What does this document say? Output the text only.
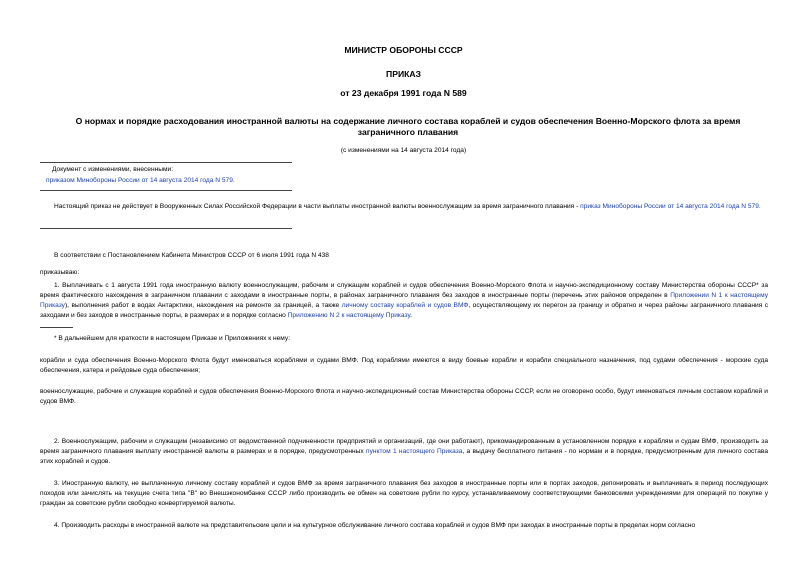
МИНИСТР ОБОРОНЫ СССР
ПРИКАЗ
от 23 декабря 1991 года N 589
О нормах и порядке расходования иностранной валюты на содержание личного состава кораблей и судов обеспечения Военно-Морского флота за время заграничного плавания
(с изменениями на 14 августа 2014 года)
Документ с изменениями, внесенными:
приказом Минобороны России от 14 августа 2014 года N 579.
Настоящий приказ не действует в Вооруженных Силах Российской Федерации в части выплаты иностранной валюты военнослужащим за время заграничного плавания - приказ Минобороны России от 14 августа 2014 года N 579.
В соответствии с Постановлением Кабинета Министров СССР от 6 июля 1991 года N 438
приказываю:
1. Выплачивать с 1 августа 1991 года иностранную валюту военнослужащим, рабочим и служащим кораблей и судов обеспечения Военно-Морского Флота и научно-экспедиционному составу Министерства обороны СССР* за время фактического нахождения в заграничном плавании с заходами в иностранные порты, в районах заграничного плавания без заходов в иностранные порты (перечень этих районов определен в Приложении N 1 к настоящему Приказу), выполнения работ в водах Антарктики, нахождения на ремонте за границей, а также личному составу кораблей и судов ВМФ, осуществляющему их перегон за границу и обратно и через районы заграничного плавания с заходами и без заходов в иностранные порты, в размерах и в порядке согласно Приложению N 2 к настоящему Приказу.
* В дальнейшем для краткости в настоящем Приказе и Приложениях к нему:
корабли и суда обеспечения Военно-Морского Флота будут именоваться кораблями и судами ВМФ. Под кораблями имеются в виду боевые корабли и корабли специального назначения, под судами обеспечения - морские суда обеспечения, катера и рейдовые суда обеспечения;
военнослужащие, рабочие и служащие кораблей и судов обеспечения Военно-Морского Флота и научно-экспедиционный состав Министерства обороны СССР, если не оговорено особо, будут именоваться личным составом кораблей и судов ВМФ.
2. Военнослужащим, рабочим и служащим (независимо от ведомственной подчиненности предприятий и организаций, где они работают), прикомандированным в установленном порядке к кораблям и судам ВМФ, производить за время заграничного плавания выплату иностранной валюты в размерах и в порядке, предусмотренных пунктом 1 настоящего Приказа, а выдачу бесплатного питания - по нормам и в порядке, предусмотренным для личного состава этих кораблей и судов.
3. Иностранную валюту, не выплаченную личному составу кораблей и судов ВМФ за время заграничного плавания без заходов в иностранные порты или в портах заходов, депонировать и выплачивать в период последующих походов или зачислять на текущие счета типа "В" во Внешэкономбанке СССР либо производить ее обмен на советские рубли по курсу, устанавливаемому соответствующими банковскими учреждениями для операций по покупке у граждан за советские рубли свободно конвертируемой валюты.
4. Производить расходы в иностранной валюте на представительские цели и на культурное обслуживание личного состава кораблей и судов ВМФ при заходах в иностранные порты в пределах норм согласно
